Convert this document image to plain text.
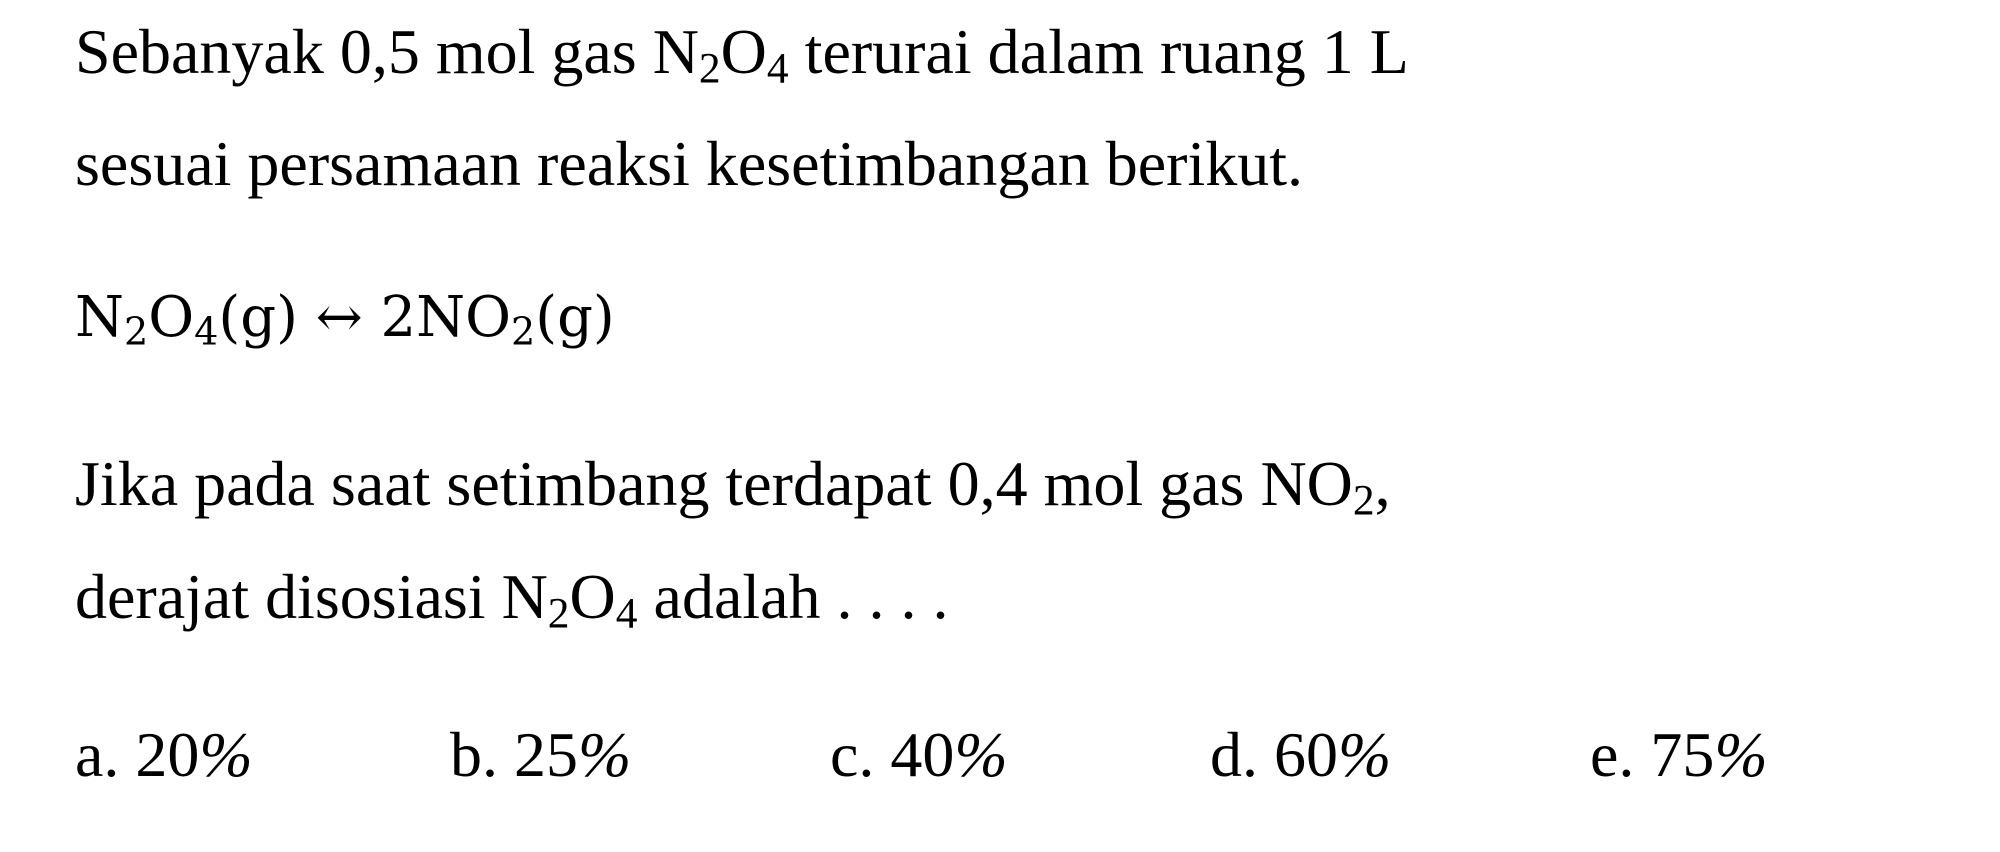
Sebanyak 0,5 mol gas $N_2O_4$ terurai dalam ruang 1 L
sesuai persamaan reaksi kesetimbangan berikut.
$N_2O_4(g)$ ↔ $2NO_2(g)$
Jika pada saat setimbang terdapat 0,4 mol gas $NO_2$,
derajat disosiasi $N_2O_4$ adalah . . . .
a. 20%	b. 25%	c. 40%	d. 60%	e. 75%
